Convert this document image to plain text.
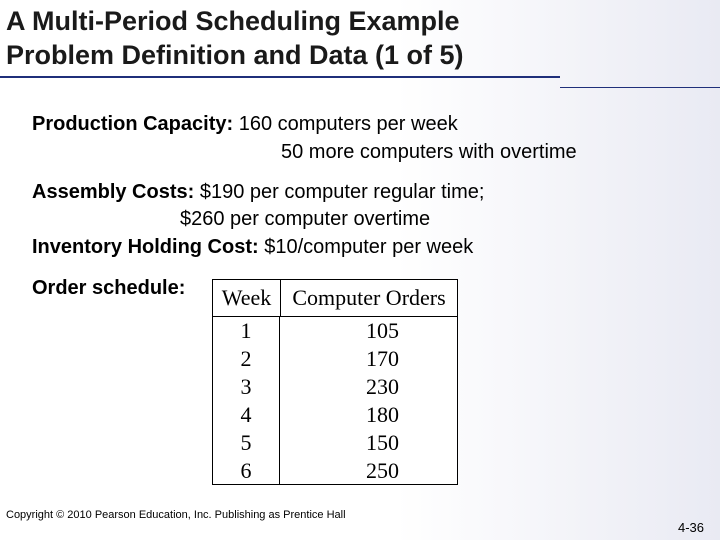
A Multi-Period Scheduling Example
Problem Definition and Data (1 of 5)
Production Capacity: 160 computers per week
50 more computers with overtime
Assembly Costs: $190 per computer regular time;
$260 per computer overtime
Inventory Holding Cost: $10/computer per week
Order schedule:	Week Computer Orders
1
2
3
4
5
6
105
170
230
180
150
250
Copyright © 2010 Pearson Education, Inc. Publishing as Prentice Hall
4-36
